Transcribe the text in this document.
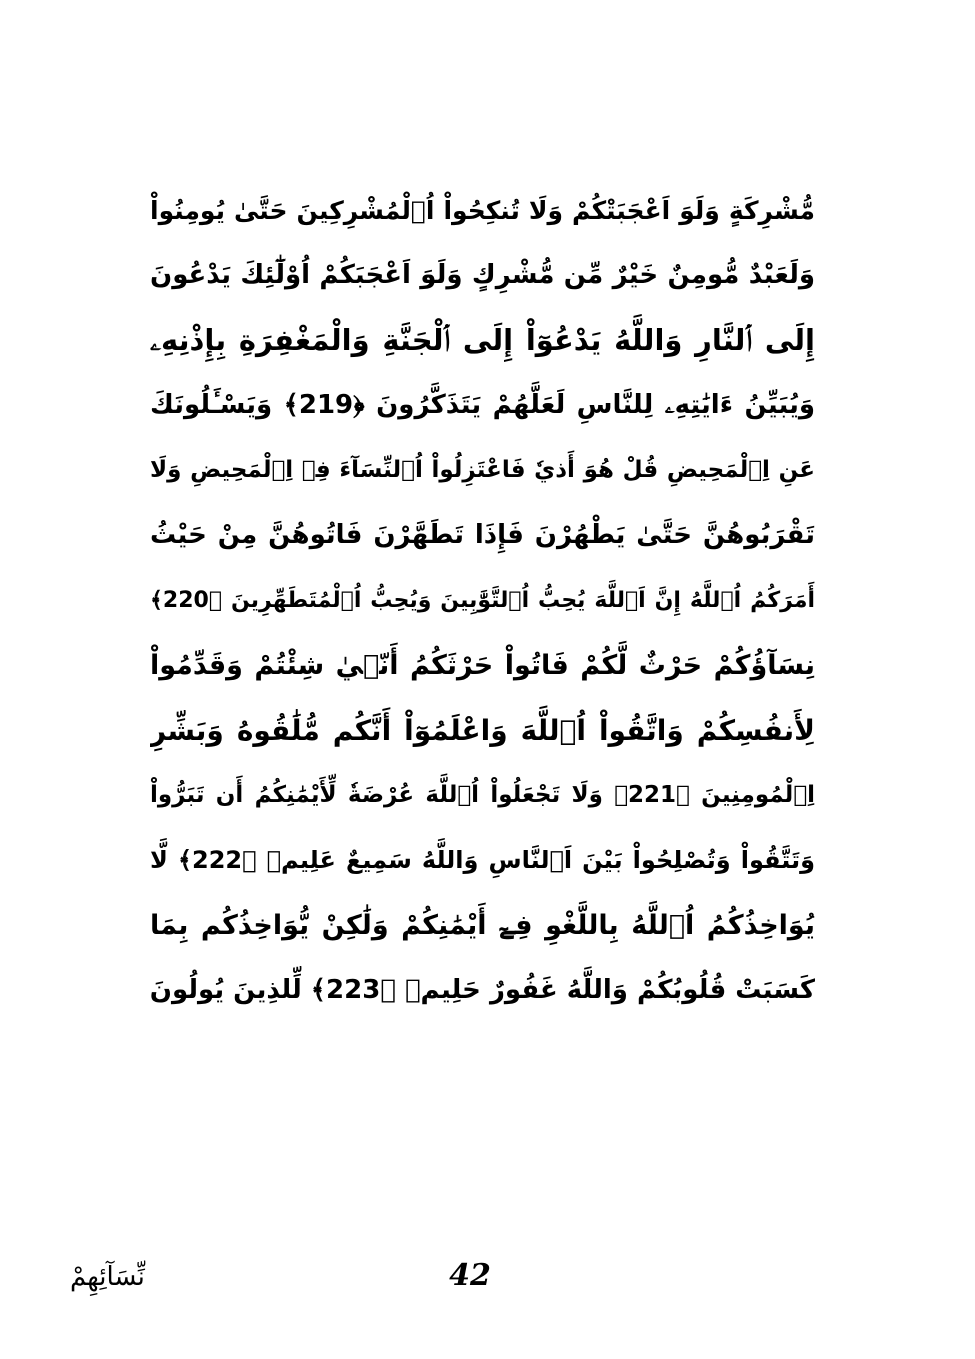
مُّشْرِكَةٍ وَلَوَ اَعْجَبَتْكُمْ وَلَا تُنكِحُواْ اُ۬لْمُشْرِكِينَ حَتَّىٰ يُومِنُواْ

وَلَعَبْدٌ مُّومِنٌ خَيْرٌ مِّن مُّشْرِكٍ وَلَوَ اَعْجَبَكُمْ اُوْلَٰٓئِكَ يَدْعُونَ

إِلَى اَ۬لنَّارِ وَاللَّهُ يَدْعُوٓاْ إِلَى اَ۬لْجَنَّةِ وَالْمَغْفِرَةِ بِإِذْنِهِۦ

وَيُبَيِّنُ ءَايَٰتِهِۦ لِلنَّاسِ لَعَلَّهُمْ يَتَذَكَّرُونَ ﴿219﴾ وَيَسْـَٔلُونَكَ

عَنِ اِ۬لْمَحِيضِ قُلْ هُوَ أَذيٗ فَاعْتَزِلُواْ اُ۬لنِّسَآءَ فِے اِ۬لْمَحِيضِ وَلَا

تَقْرَبُوهُنَّ حَتَّىٰ يَطْهُرْنَ فَإِذَا تَطَهَّرْنَ فَاتُوهُنَّ مِنْ حَيْثُ

أَمَرَكُمُ اُ۬للَّهُ إِنَّ اَ۬للَّهَ يُحِبُّ اُ۬لتَّوَّٰبِينَ وَيُحِبُّ اُ۬لْمُتَطَهِّرِينَ ﴿220﴾

نِسَآؤُكُمْ حَرْثٌ لَّكُمْ فَاتُواْ حَرْثَكُمُ أَنّ۪يٰ شِئْتُمْ وَقَدِّمُواْ

لِأَنفُسِكُمْ وَاتَّقُواْ اُ۬للَّهَ وَاعْلَمُوٓاْ أَنَّكُم مُّلَٰقُوهُ وَبَشِّرِ

اِ۬لْمُومِنِينَ ﴿221﴾ وَلَا تَجْعَلُواْ اُ۬للَّهَ عُرْضَةٗ لِّأَيْمَٰنِكُمُ أَن تَبَرُّواْ

وَتَتَّقُواْ وَتُصْلِحُواْ بَيْنَ اَ۬لنَّاسِ وَاللَّهُ سَمِيعٌ عَلِيمٞ ﴿222﴾ لَّا

يُوَاخِذُكُمُ اُ۬للَّهُ بِاللَّغْوِ فِےٓ أَيْمَٰنِكُمْ وَلَٰكِنْ يُّوَاخِذُكُم بِمَا

كَسَبَتْ قُلُوبُكُمْ وَاللَّهُ غَفُورٌ حَلِيمٞ ﴿223﴾ لِّلذِينَ يُولُونَ

نِّسَآئِهِمْ	42
